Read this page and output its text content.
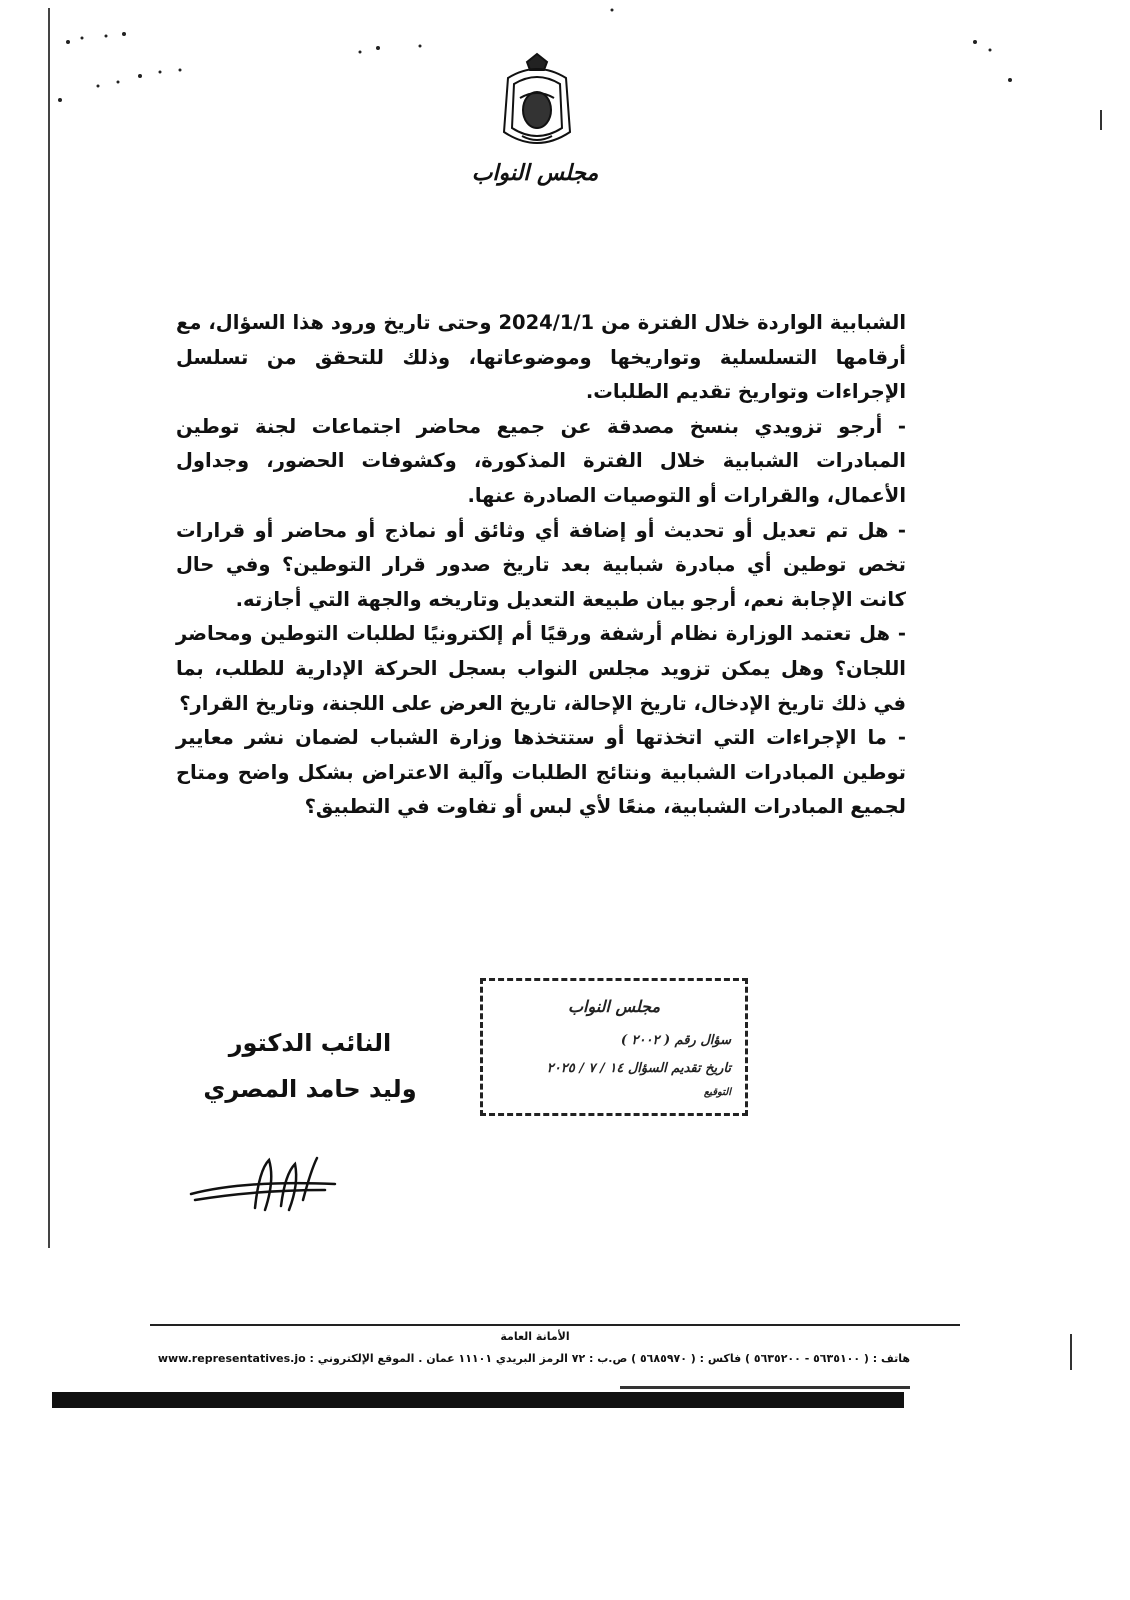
مجلس النواب

الشبابية الواردة خلال الفترة من 2024/1/1 وحتى تاريخ ورود هذا السؤال، مع أرقامها التسلسلية وتواريخها وموضوعاتها، وذلك للتحقق من تسلسل الإجراءات وتواريخ تقديم الطلبات.

- أرجو تزويدي بنسخ مصدقة عن جميع محاضر اجتماعات لجنة توطين المبادرات الشبابية خلال الفترة المذكورة، وكشوفات الحضور، وجداول الأعمال، والقرارات أو التوصيات الصادرة عنها.

- هل تم تعديل أو تحديث أو إضافة أي وثائق أو نماذج أو محاضر أو قرارات تخص توطين أي مبادرة شبابية بعد تاريخ صدور قرار التوطين؟ وفي حال كانت الإجابة نعم، أرجو بيان طبيعة التعديل وتاريخه والجهة التي أجازته.

- هل تعتمد الوزارة نظام أرشفة ورقيًا أم إلكترونيًا لطلبات التوطين ومحاضر اللجان؟ وهل يمكن تزويد مجلس النواب بسجل الحركة الإدارية للطلب، بما في ذلك تاريخ الإدخال، تاريخ الإحالة، تاريخ العرض على اللجنة، وتاريخ القرار؟

- ما الإجراءات التي اتخذتها أو ستتخذها وزارة الشباب لضمان نشر معايير توطين المبادرات الشبابية ونتائج الطلبات وآلية الاعتراض بشكل واضح ومتاح لجميع المبادرات الشبابية، منعًا لأي لبس أو تفاوت في التطبيق؟

مجلس النواب
سؤال رقم ( ٢٠٠٢ )
تاريخ تقديم السؤال ١٤ / ٧ / ٢٠٢٥
التوقيع
النائب الدكتور
وليد حامد المصري
الأمانة العامة
هاتف : ( ٥٦٣٥١٠٠ - ٥٦٣٥٢٠٠ ) فاكس : ( ٥٦٨٥٩٧٠ ) ص.ب : ٧٢ الرمز البريدي ١١١٠١ عمان . الموقع الإلكتروني : www.representatives.jo
